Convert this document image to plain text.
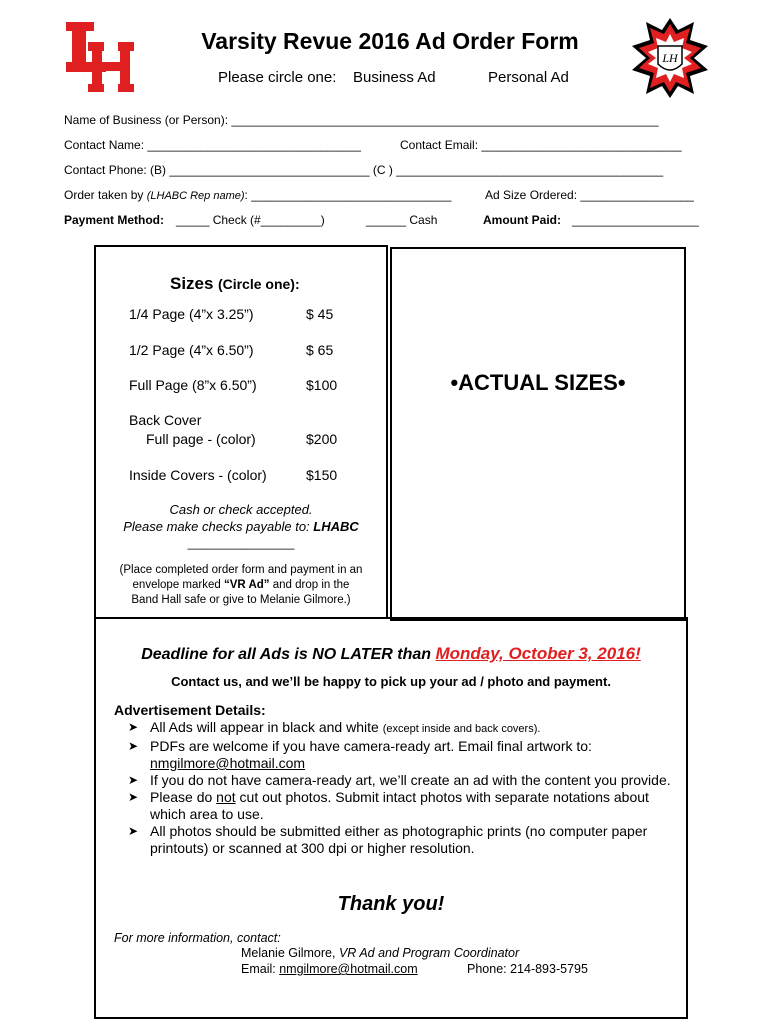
LH
Varsity Revue 2016 Ad Order Form
Please circle one: Business Ad	Personal Ad
Name of Business (or Person): ________________________________________________________________
Contact Name: ________________________________	Contact Email: ______________________________
Contact Phone: (B) ______________________________ (C ) ________________________________________
Order taken by (LHABC Rep name): ______________________________	Ad Size Ordered: _________________
Payment Method: _____ Check (#_________)	______ Cash	Amount Paid: ___________________
Sizes (Circle one):
1/4 Page (4”x 3.25”)	$ 45
1/2 Page (4”x 6.50”)	$ 65
Full Page (8”x 6.50”)	$100
Back Cover
Full page - (color)	$200
Inside Covers - (color)	$150
Cash or check accepted.
Please make checks payable to: LHABC
________________
(Place completed order form and payment in an
envelope marked “VR Ad” and drop in the
Band Hall safe or give to Melanie Gilmore.)
•ACTUAL SIZES•
Deadline for all Ads is NO LATER than Monday, October 3, 2016!
Contact us, and we’ll be happy to pick up your ad / photo and payment.
Advertisement Details:
➤ All Ads will appear in black and white (except inside and back covers).
➤ PDFs are welcome if you have camera-ready art. Email final artwork to:
nmgilmore@hotmail.com
➤ If you do not have camera-ready art, we’ll create an ad with the content you provide.
➤ Please do not cut out photos. Submit intact photos with separate notations about which area to use.
➤ All photos should be submitted either as photographic prints (no computer paper printouts) or scanned at 300 dpi or higher resolution.
Thank you!
For more information, contact:
Melanie Gilmore, VR Ad and Program Coordinator
Email: nmgilmore@hotmail.com	Phone: 214-893-5795
